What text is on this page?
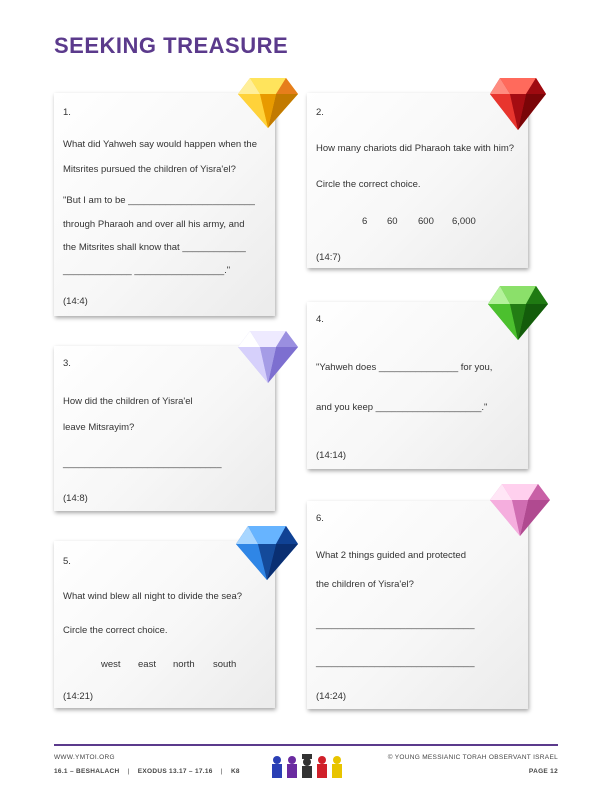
SEEKING TREASURE
1.
What did Yahweh say would happen when the
Mitsrites pursued the children of Yisra'el?
"But I am to be ________________________
through Pharaoh and over all his army, and
the Mitsrites shall know that ____________
_____________ _________________."
(14:4)
2.
How many chariots did Pharaoh take with him?
Circle the correct choice.
6 60 600 6,000
(14:7)
3.
How did the children of Yisra'el
leave Mitsrayim?
______________________________
(14:8)
4.
"Yahweh does _______________ for you,
and you keep ____________________."
(14:14)
5.
What wind blew all night to divide the sea?
Circle the correct choice.
west east north south
(14:21)
6.
What 2 things guided and protected
the children of Yisra'el?
______________________________
______________________________
(14:24)
WWW.YMTOI.ORG
16.1 – BESHALACH | EXODUS 13.17 – 17.16 | K8
© YOUNG MESSIANIC TORAH OBSERVANT ISRAEL
PAGE 12
